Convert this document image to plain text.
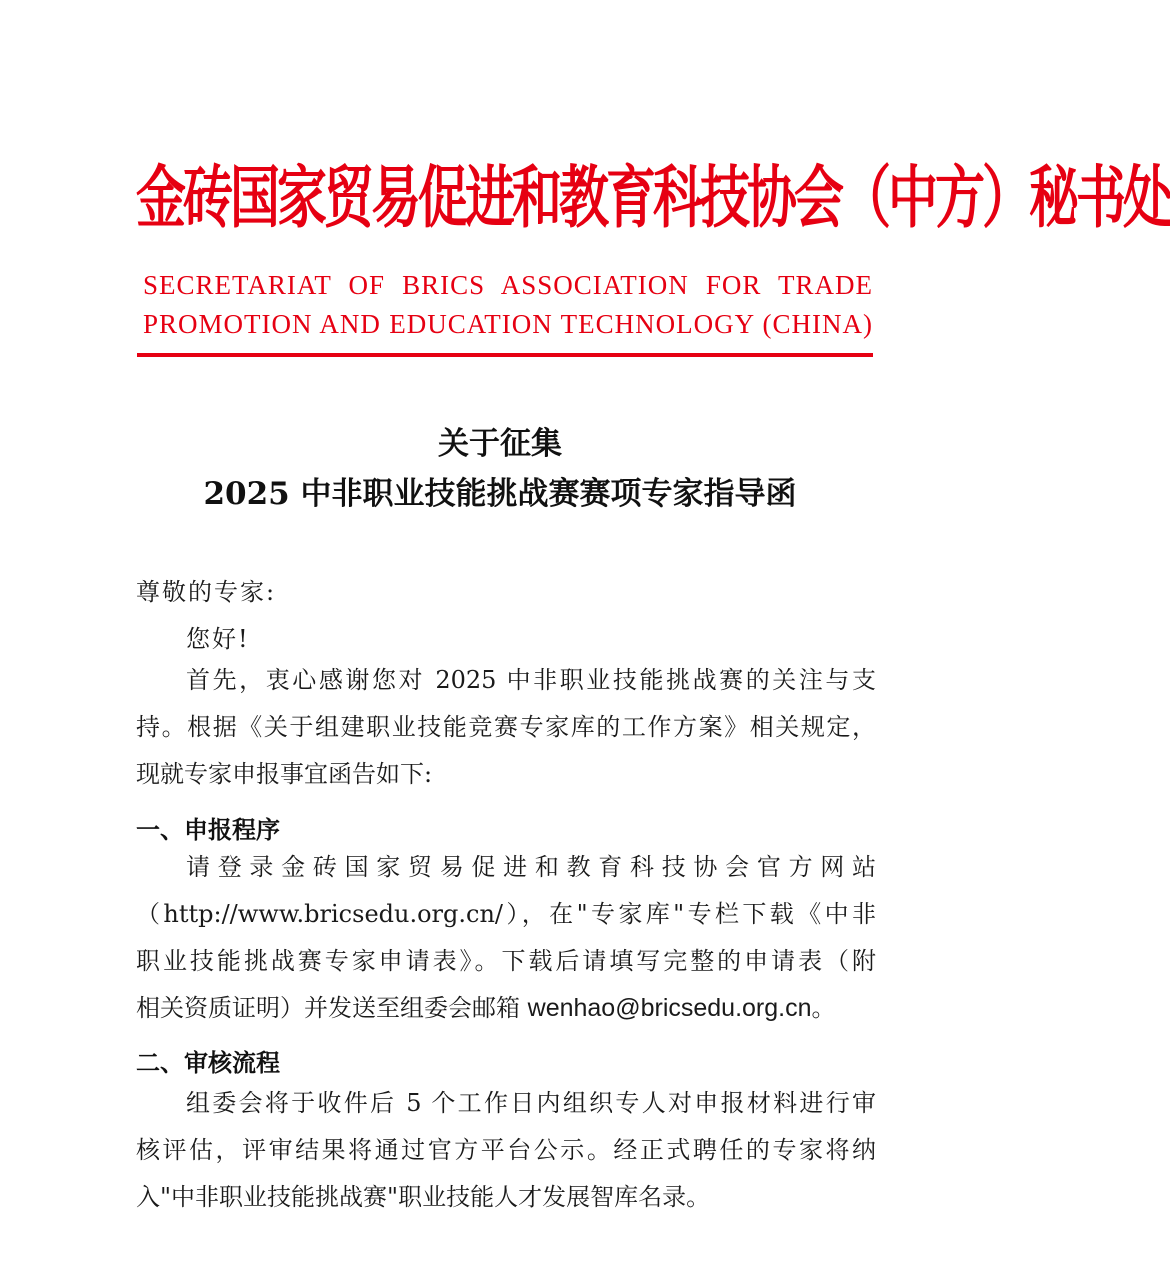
金砖国家贸易促进和教育科技协会（中方）秘书处
SECRETARIAT OF BRICS ASSOCIATION FOR TRADE
PROMOTION AND EDUCATION TECHNOLOGY (CHINA)
关于征集
2025 中非职业技能挑战赛赛项专家指导函
尊敬的专家:
您好!
首先，衷心感谢您对 2025 中非职业技能挑战赛的关注与支
持。根据《关于组建职业技能竞赛专家库的工作方案》相关规定，
现就专家申报事宜函告如下:
一、申报程序
请登录金砖国家贸易促进和教育科技协会官方网站
（http://www.bricsedu.org.cn/），在"专家库"专栏下载《中非
职业技能挑战赛专家申请表》。下载后请填写完整的申请表（附
相关资质证明）并发送至组委会邮箱 wenhao@bricsedu.org.cn。
二、审核流程
组委会将于收件后 5 个工作日内组织专人对申报材料进行审
核评估，评审结果将通过官方平台公示。经正式聘任的专家将纳
入"中非职业技能挑战赛"职业技能人才发展智库名录。
